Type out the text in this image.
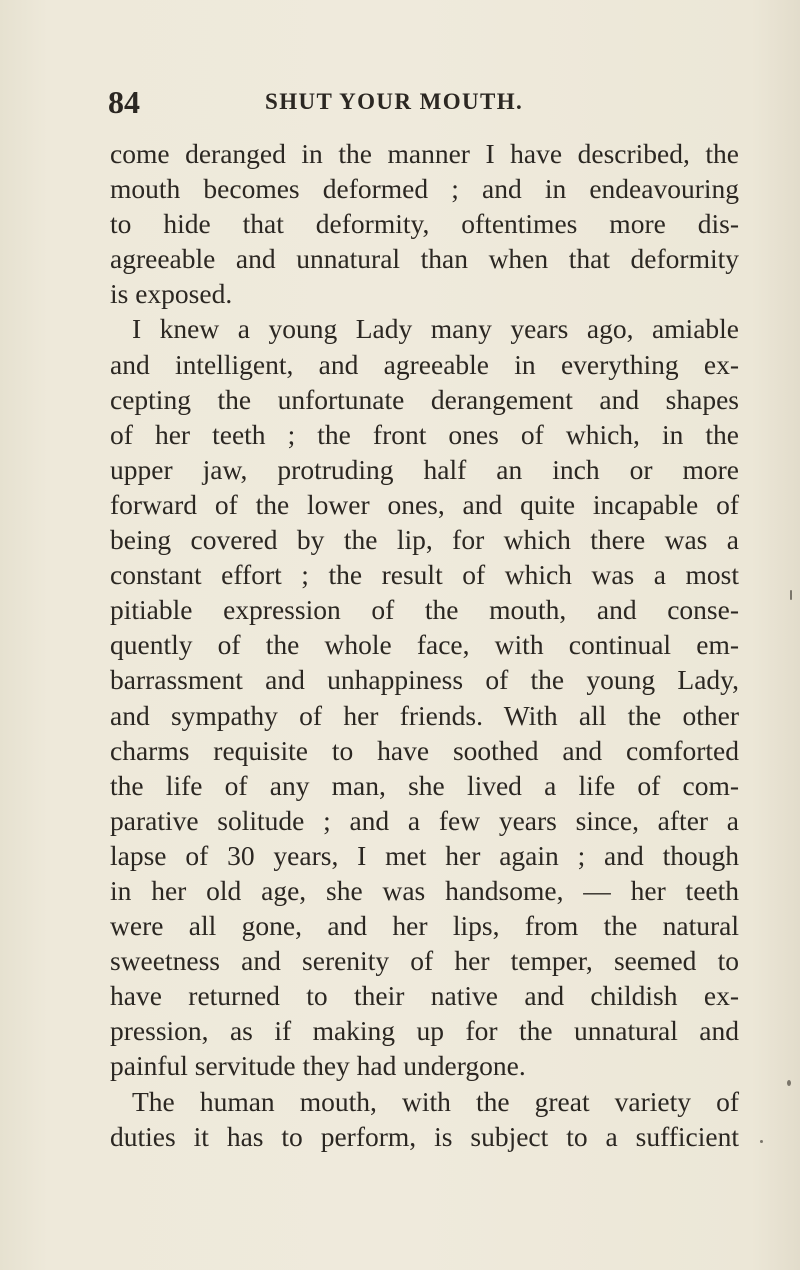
84	SHUT YOUR MOUTH.
come deranged in the manner I have described, the
mouth becomes deformed ; and in endeavouring
to hide that deformity, oftentimes more dis-
agreeable and unnatural than when that deformity
is exposed.
I knew a young Lady many years ago, amiable
and intelligent, and agreeable in everything ex-
cepting the unfortunate derangement and shapes
of her teeth ; the front ones of which, in the
upper jaw, protruding half an inch or more
forward of the lower ones, and quite incapable of
being covered by the lip, for which there was a
constant effort ; the result of which was a most
pitiable expression of the mouth, and conse-
quently of the whole face, with continual em-
barrassment and unhappiness of the young Lady,
and sympathy of her friends. With all the other
charms requisite to have soothed and comforted
the life of any man, she lived a life of com-
parative solitude ; and a few years since, after a
lapse of 30 years, I met her again ; and though
in her old age, she was handsome, — her teeth
were all gone, and her lips, from the natural
sweetness and serenity of her temper, seemed to
have returned to their native and childish ex-
pression, as if making up for the unnatural and
painful servitude they had undergone.
The human mouth, with the great variety of
duties it has to perform, is subject to a sufficient
